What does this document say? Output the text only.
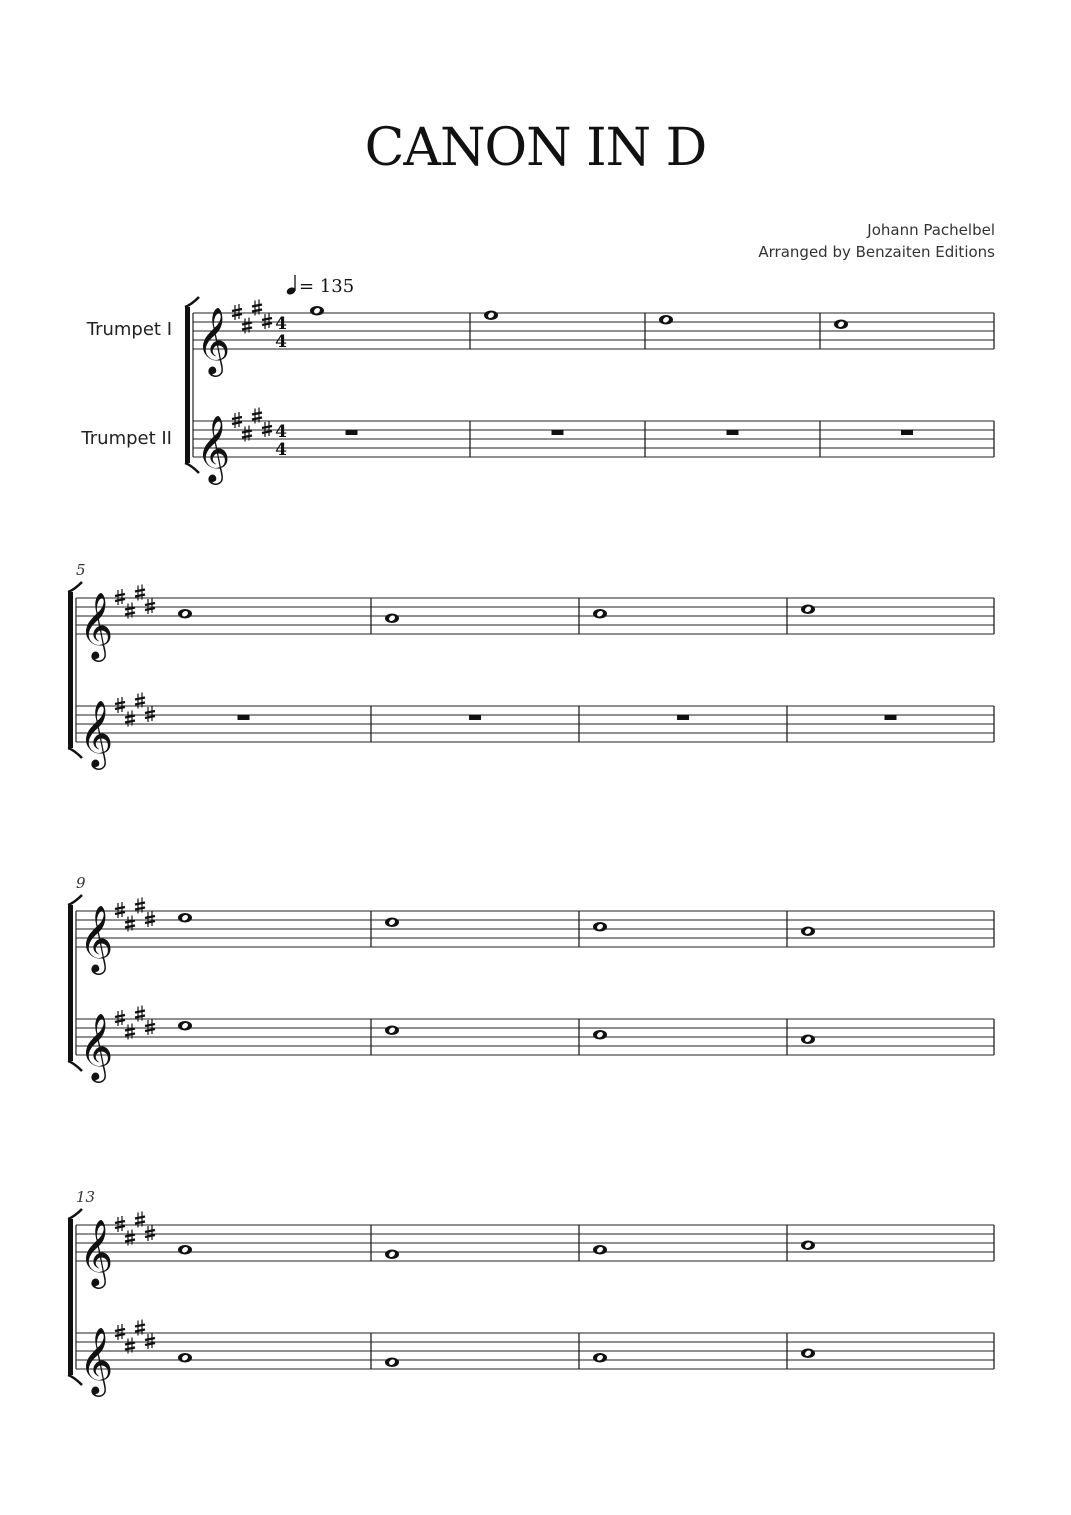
CANON IN D
Johann Pachelbel
Arranged by Benzaiten Editions
Trumpet I
Trumpet II
𝄞	4
4
𝄞	4
4
5
𝄞
𝄞
9
𝄞
𝄞
13
𝄞
𝄞
= 135
